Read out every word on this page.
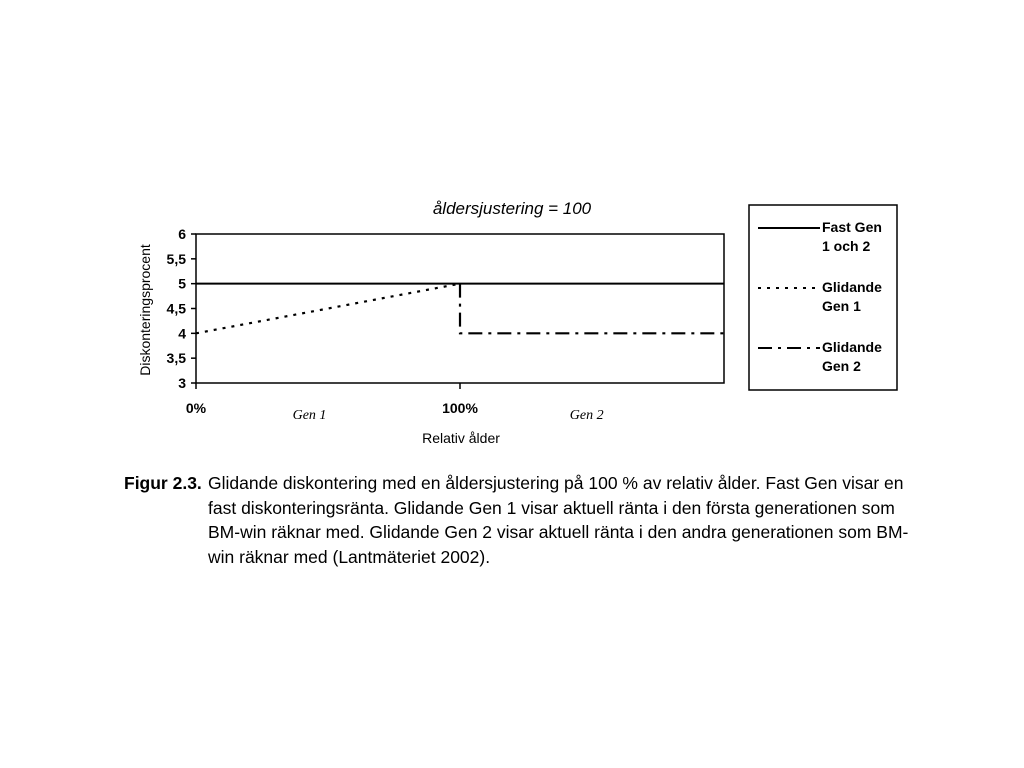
åldersjustering = 100
3
3,5
4
4,5
5
5,5
6
0%	100%
Gen 1	Gen 2
Diskonteringsprocent
Relativ ålder
Fast Gen
1 och 2
Glidande
Gen 1
Glidande
Gen 2
Figur 2.3. Glidande diskontering med en åldersjustering på 100 % av relativ ålder. Fast Gen visar en fast diskonteringsränta. Glidande Gen 1 visar aktuell ränta i den första generationen som BM-win räknar med. Glidande Gen 2 visar aktuell ränta i den andra generationen som BM-win räknar med (Lantmäteriet 2002).
